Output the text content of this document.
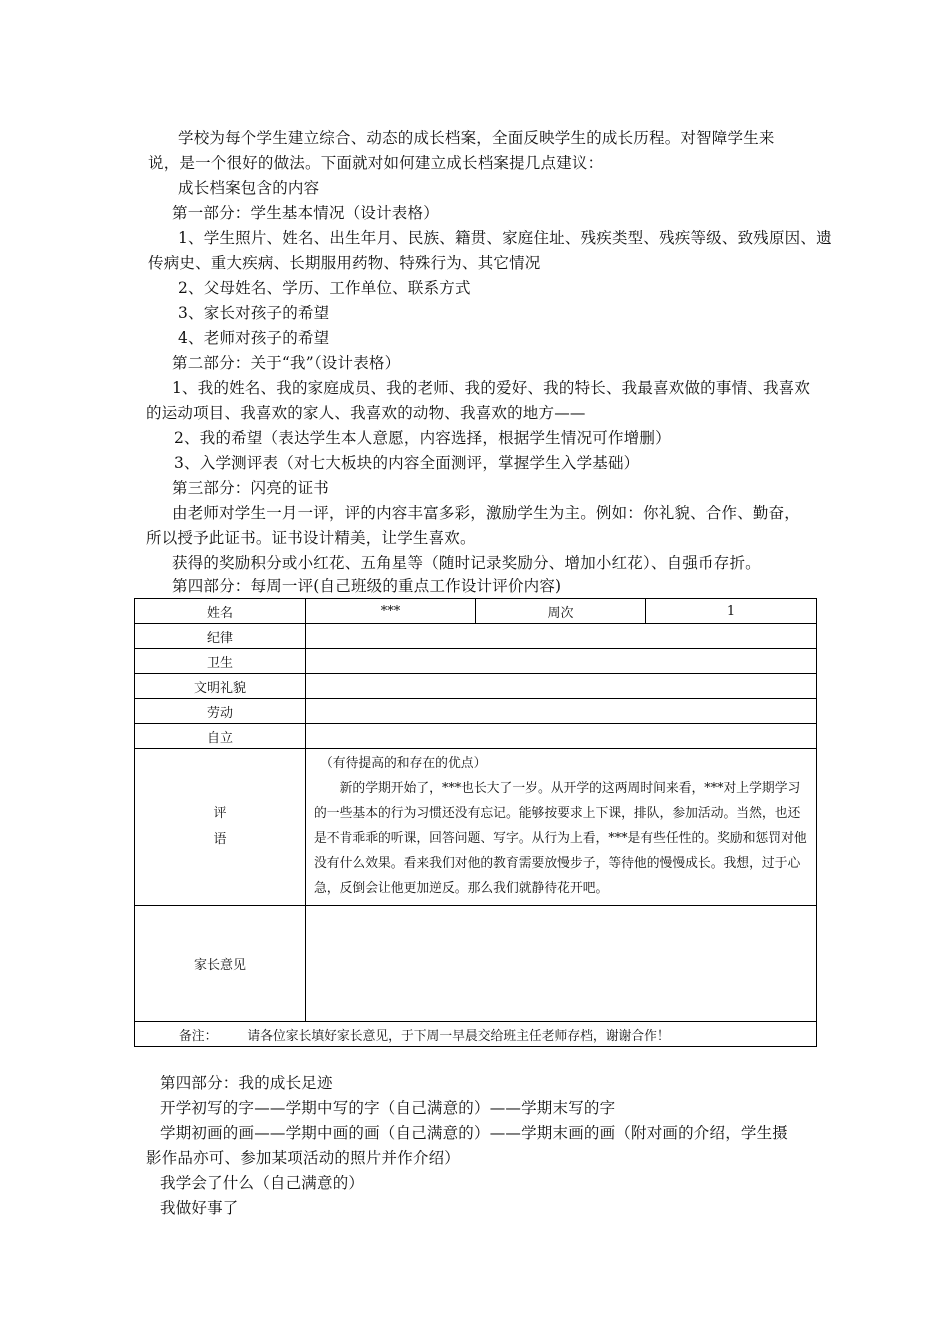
学校为每个学生建立综合、动态的成长档案，全面反映学生的成长历程。对智障学生来
说，是一个很好的做法。下面就对如何建立成长档案提几点建议：
成长档案包含的内容
第一部分：学生基本情况（设计表格）
1、学生照片、姓名、出生年月、民族、籍贯、家庭住址、残疾类型、残疾等级、致残原因、遗
传病史、重大疾病、长期服用药物、特殊行为、其它情况
2、父母姓名、学历、工作单位、联系方式
3、家长对孩子的希望
4、老师对孩子的希望
第二部分：关于“我”（设计表格）
1、我的姓名、我的家庭成员、我的老师、我的爱好、我的特长、我最喜欢做的事情、我喜欢
的运动项目、我喜欢的家人、我喜欢的动物、我喜欢的地方——
2、我的希望（表达学生本人意愿，内容选择，根据学生情况可作增删）
3、入学测评表（对七大板块的内容全面测评，掌握学生入学基础）
第三部分：闪亮的证书
由老师对学生一月一评，评的内容丰富多彩，激励学生为主。例如：你礼貌、合作、勤奋，
所以授予此证书。证书设计精美，让学生喜欢。
获得的奖励积分或小红花、五角星等（随时记录奖励分、增加小红花）、自强币存折。
第四部分：每周一评(自己班级的重点工作设计评价内容)
姓名	***	周次	1
纪律			
卫生			
文明礼貌			
劳动			
自立			
评
语	（有待提高的和存在的优点）
新的学期开始了，***也长大了一岁。从开学的这两周时间来看，***对上学期学习的一些基本的行为习惯还没有忘记。能够按要求上下课，排队，参加活动。当然，也还是不肯乖乖的听课，回答问题、写字。从行为上看，***是有些任性的。奖励和惩罚对他没有什么效果。看来我们对他的教育需要放慢步子，等待他的慢慢成长。我想，过于心急，反倒会让他更加逆反。那么我们就静待花开吧。		

家长意见			
备注： 请各位家长填好家长意见，于下周一早晨交给班主任老师存档，谢谢合作！			
第四部分：我的成长足迹
开学初写的字——学期中写的字（自己满意的）——学期末写的字
学期初画的画——学期中画的画（自己满意的）——学期末画的画（附对画的介绍，学生摄
影作品亦可、参加某项活动的照片并作介绍）
我学会了什么（自己满意的）
我做好事了
